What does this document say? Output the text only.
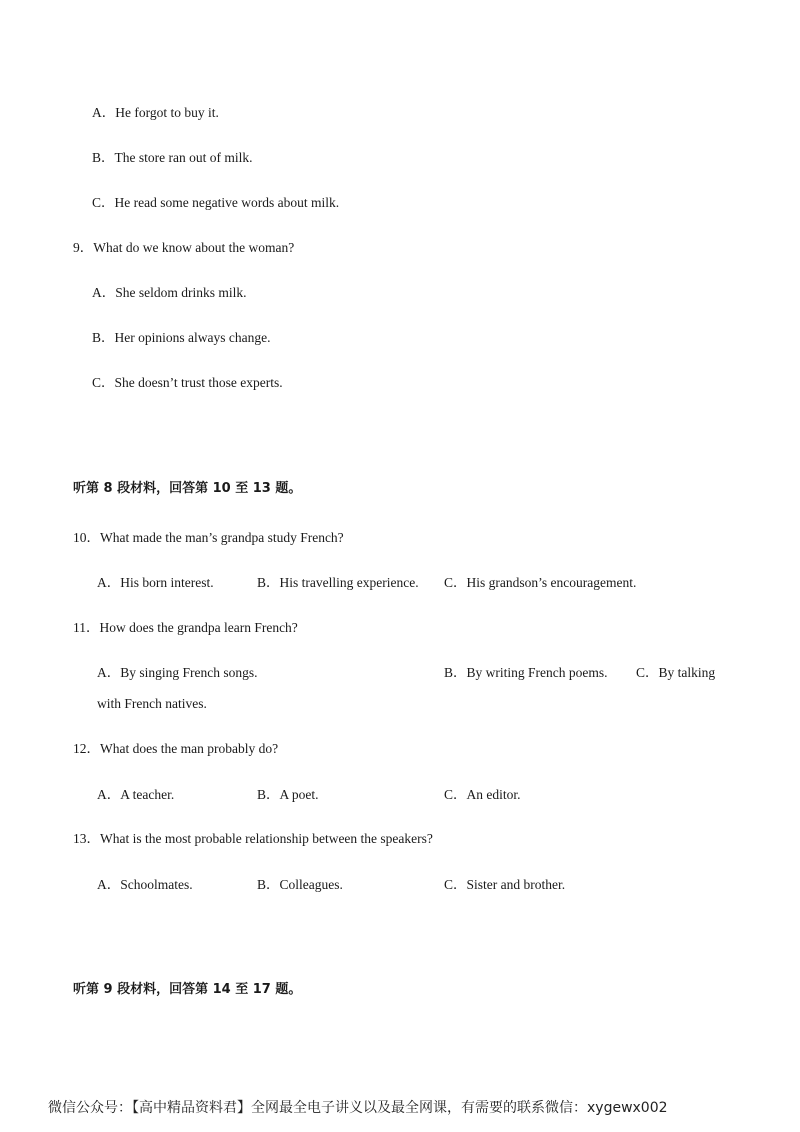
A．He forgot to buy it.
B．The store ran out of milk.
C．He read some negative words about milk.
9．What do we know about the woman?
A．She seldom drinks milk.
B．Her opinions always change.
C．She doesn’t trust those experts.
听第 8 段材料，回答第 10 至 13 题。
10．What made the man’s grandpa study French?
A．His born interest.	B．His travelling experience. C．His grandson’s encouragement.
11．How does the grandpa learn French?
A．By singing French songs.	B．By writing French poems. C．By talking
with French natives.
12．What does the man probably do?
A．A teacher.	B．A poet.	C．An editor.
13．What is the most probable relationship between the speakers?
A．Schoolmates.	B．Colleagues.	C．Sister and brother.
听第 9 段材料，回答第 14 至 17 题。
微信公众号：【高中精品资料君】全网最全电子讲义以及最全网课，有需要的联系微信：xygewx002
